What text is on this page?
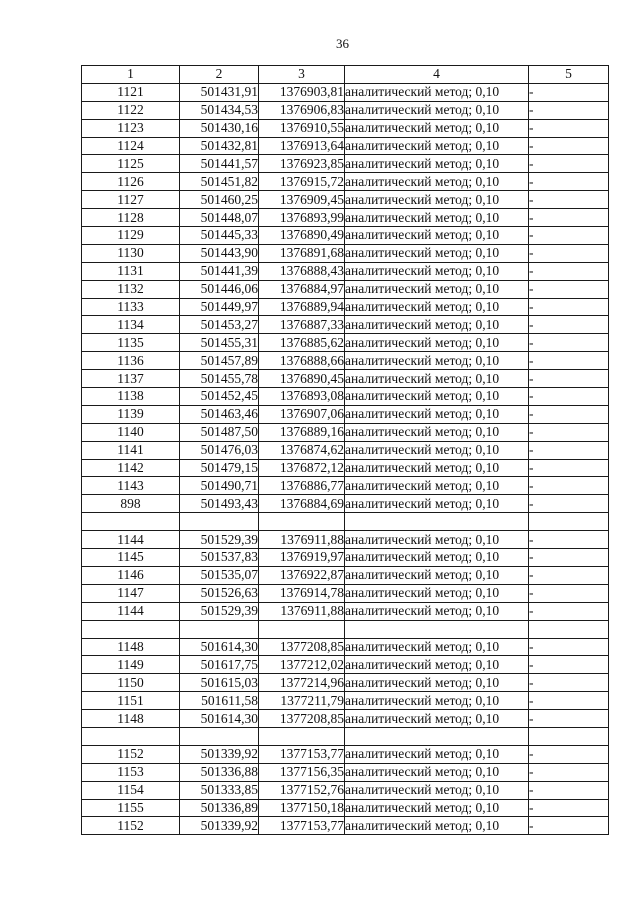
36
1	2	3	4	5
1121	501431,91	1376903,81	аналитический метод; 0,10	-
1122	501434,53	1376906,83	аналитический метод; 0,10	-
1123	501430,16	1376910,55	аналитический метод; 0,10	-
1124	501432,81	1376913,64	аналитический метод; 0,10	-
1125	501441,57	1376923,85	аналитический метод; 0,10	-
1126	501451,82	1376915,72	аналитический метод; 0,10	-
1127	501460,25	1376909,45	аналитический метод; 0,10	-
1128	501448,07	1376893,99	аналитический метод; 0,10	-
1129	501445,33	1376890,49	аналитический метод; 0,10	-
1130	501443,90	1376891,68	аналитический метод; 0,10	-
1131	501441,39	1376888,43	аналитический метод; 0,10	-
1132	501446,06	1376884,97	аналитический метод; 0,10	-
1133	501449,97	1376889,94	аналитический метод; 0,10	-
1134	501453,27	1376887,33	аналитический метод; 0,10	-
1135	501455,31	1376885,62	аналитический метод; 0,10	-
1136	501457,89	1376888,66	аналитический метод; 0,10	-
1137	501455,78	1376890,45	аналитический метод; 0,10	-
1138	501452,45	1376893,08	аналитический метод; 0,10	-
1139	501463,46	1376907,06	аналитический метод; 0,10	-
1140	501487,50	1376889,16	аналитический метод; 0,10	-
1141	501476,03	1376874,62	аналитический метод; 0,10	-
1142	501479,15	1376872,12	аналитический метод; 0,10	-
1143	501490,71	1376886,77	аналитический метод; 0,10	-
898	501493,43	1376884,69	аналитический метод; 0,10	-

1144	501529,39	1376911,88	аналитический метод; 0,10	-
1145	501537,83	1376919,97	аналитический метод; 0,10	-
1146	501535,07	1376922,87	аналитический метод; 0,10	-
1147	501526,63	1376914,78	аналитический метод; 0,10	-
1144	501529,39	1376911,88	аналитический метод; 0,10	-

1148	501614,30	1377208,85	аналитический метод; 0,10	-
1149	501617,75	1377212,02	аналитический метод; 0,10	-
1150	501615,03	1377214,96	аналитический метод; 0,10	-
1151	501611,58	1377211,79	аналитический метод; 0,10	-
1148	501614,30	1377208,85	аналитический метод; 0,10	-

1152	501339,92	1377153,77	аналитический метод; 0,10	-
1153	501336,88	1377156,35	аналитический метод; 0,10	-
1154	501333,85	1377152,76	аналитический метод; 0,10	-
1155	501336,89	1377150,18	аналитический метод; 0,10	-
1152	501339,92	1377153,77	аналитический метод; 0,10	-
